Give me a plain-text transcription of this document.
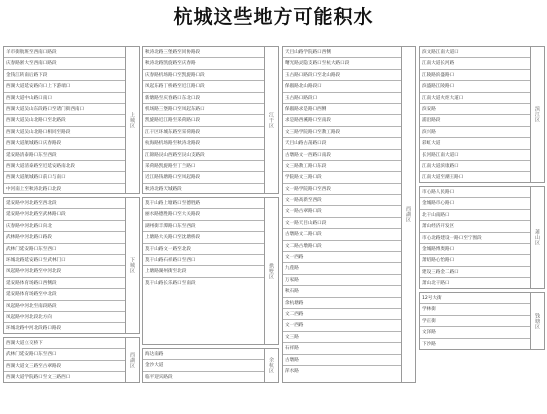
杭城这些地方可能积水
羊市街航班至西南口路段
庆春路浙大至西南口路段
金钱江转南后路下段
西湖大道延安路向口上下游端口
西湖大道中山路口南口
西湖大道吴山东段路口至诸门街西南口
西湖大道吴山北路口至北路段
西湖大道吴山北路口相同至路段
西湖大道航城路口庆春路段
延安路清泰路口东至西段
西湖大道清泰路至近延安路南北段
西湖大道航城路口前口与南口
中河南上至秋涛北路口北段
上城区
延安路中河北路至西北段
延安路中河北路至武林路口段
庆春路中河北路口向北
武林路中河北路口路段
武林门延安路口东至西口
环城北路延安路口至武林门口
凤起路中河北路至中河北段
延安路体育场路口西侧段
延安路体育场路至中北段
凤起路中河北至南段路段
凤起路中河北段北方向
环城北路中河北段路口路段
下城区
西湖大道立交桥下
武林门延安路口东至西口
西湖大道文三路至古翠路段
西湖大道学院路口至文三路西口
西湖区
秋涛北路三堡路至同协路段
秋涛北路凯旋路至庆春路
庆春路机场路口至凯旋路口段
凤起东路丁桥路至近江路口段
新塘路至庆春路口东北口段
机场路三堡路口至凤起东路口
凯旋路近江路至采荷路口段
江干区环城东路至采荷路段
杭海路机场路至秋涛北路段
江锦路艮山西路至艮山支路段
采荷路凯旋路至丁兰路口
近江路钱塘路口至凤起路段
秋涛北路天城路段
江干区
莫干山路上塘路口至德胜路
丽水路德胜路口至大关路段
湖州街丰潭路口东至西段
上塘路大关路口至沈塘桥段
莫干山路文一路至北段
莫干山路石祥路口至西口
上塘路湖州街至北段
莫干山路长乐路口至南段
拱墅区
海达南路
金沙大道
临平迎宾路段
余杭区
天目山路学院路口西侧
曙光路灵隐支路口至杭大路口段
玉古路口路段口至北山路段
保俶路北山路段口
玉古路口路段口
保俶路求是路口西侧
求是路西溪路口至南段
文三路学院路口至教工路段
天目山路古荡路口段
古墩路文一西路口南段
文三路教工路口东段
学院路文三路口段
文一路学院路口至西段
文一路高新至西段
文一路古翠路口段
文一路天目山路口段
古墩路文二路口段
文二路古墩路口段
文一西路
九莲路
万家路
秋石路
余杭塘路
文二西路
文一西路
文三路
石祥路
古墩路
萍水路
西湖区
滨文路江南大道口
江南大道长河路
江陵路滨盛路口
滨盛路江陵路口
江南大道火炬大道口
滨安路
浦沿路段
滨兴路
彩虹大道
长河路江南大道口
江南大道滨康路口
江南大道至潮王路口
滨江区
市心路人民路口
金城路市心路口
北干山南路口
萧山经济开发区
市心北路建设一路口至宁围段
金城路博奥路口
萧绍路心怡路口
建设三路金二路口
萧山北干路口
萧山区
12号大街
学林街
学正街
文泽路
下沙路
钱塘区
